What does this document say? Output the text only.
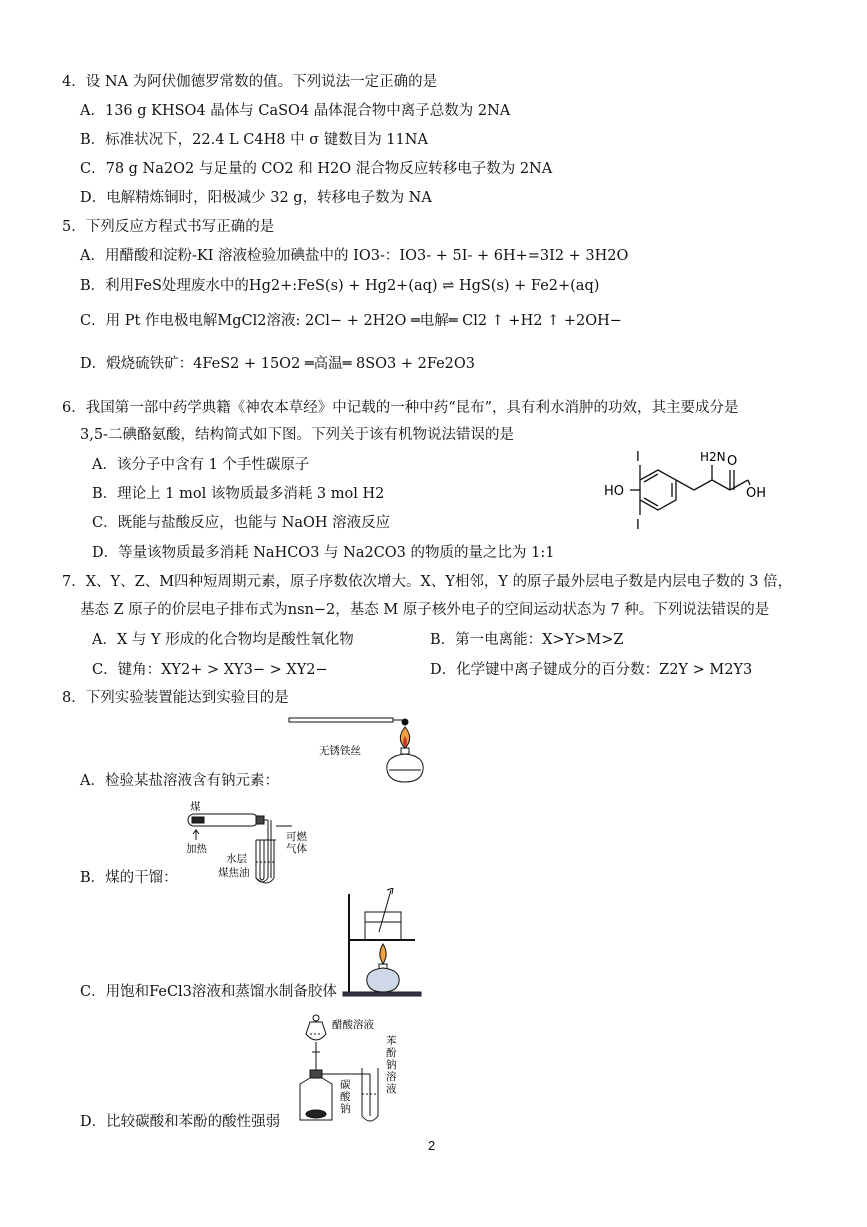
4．设 NA 为阿伏伽德罗常数的值。下列说法一定正确的是
A．136 g KHSO4 晶体与 CaSO4 晶体混合物中离子总数为 2NA
B．标准状况下，22.4 L C4H8 中 σ 键数目为 11NA
C．78 g Na2O2 与足量的 CO2 和 H2O 混合物反应转移电子数为 2NA
D．电解精炼铜时，阳极减少 32 g，转移电子数为 NA
5．下列反应方程式书写正确的是
A．用醋酸和淀粉-KI 溶液检验加碘盐中的 IO3-：IO3- + 5I- + 6H+=3I2 + 3H2O
B．利用FeS处理废水中的Hg2+:FeS(s) + Hg2+(aq) ⇌ HgS(s) + Fe2+(aq)
C．用 Pt 作电极电解MgCl2溶液: 2Cl− + 2H2O ═电解═ Cl2 ↑ +H2 ↑ +2OH−
D．煅烧硫铁矿：4FeS2 + 15O2 ═高温═ 8SO3 + 2Fe2O3
6．我国第一部中药学典籍《神农本草经》中记载的一种中药“昆布”，具有利水消肿的功效，其主要成分是
3,5-二碘酪氨酸，结构简式如下图。下列关于该有机物说法错误的是
A．该分子中含有 1 个手性碳原子
B．理论上 1 mol 该物质最多消耗 3 mol H2
C．既能与盐酸反应，也能与 NaOH 溶液反应
D．等量该物质最多消耗 NaHCO3 与 Na2CO3 的物质的量之比为 1:1
I
I
HO
H2N O
OH
7．X、Y、Z、M四种短周期元素，原子序数依次增大。X、Y相邻，Y 的原子最外层电子数是内层电子数的 3 倍，
基态 Z 原子的价层电子排布式为nsn−2，基态 M 原子核外电子的空间运动状态为 7 种。下列说法错误的是
A．X 与 Y 形成的化合物均是酸性氧化物	B．第一电离能：X>Y>M>Z
C．键角：XY2+ > XY3− > XY2−	D．化学键中离子键成分的百分数：Z2Y > M2Y3
8．下列实验装置能达到实验目的是
无锈铁丝
A．检验某盐溶液含有钠元素：
煤
加热
可燃
气体
水层
煤焦油
B．煤的干馏：
C．用饱和FeCl3溶液和蒸馏水制备胶体
醋酸溶液
碳
酸
钠
苯
酚
钠
溶
液
D．比较碳酸和苯酚的酸性强弱
2
